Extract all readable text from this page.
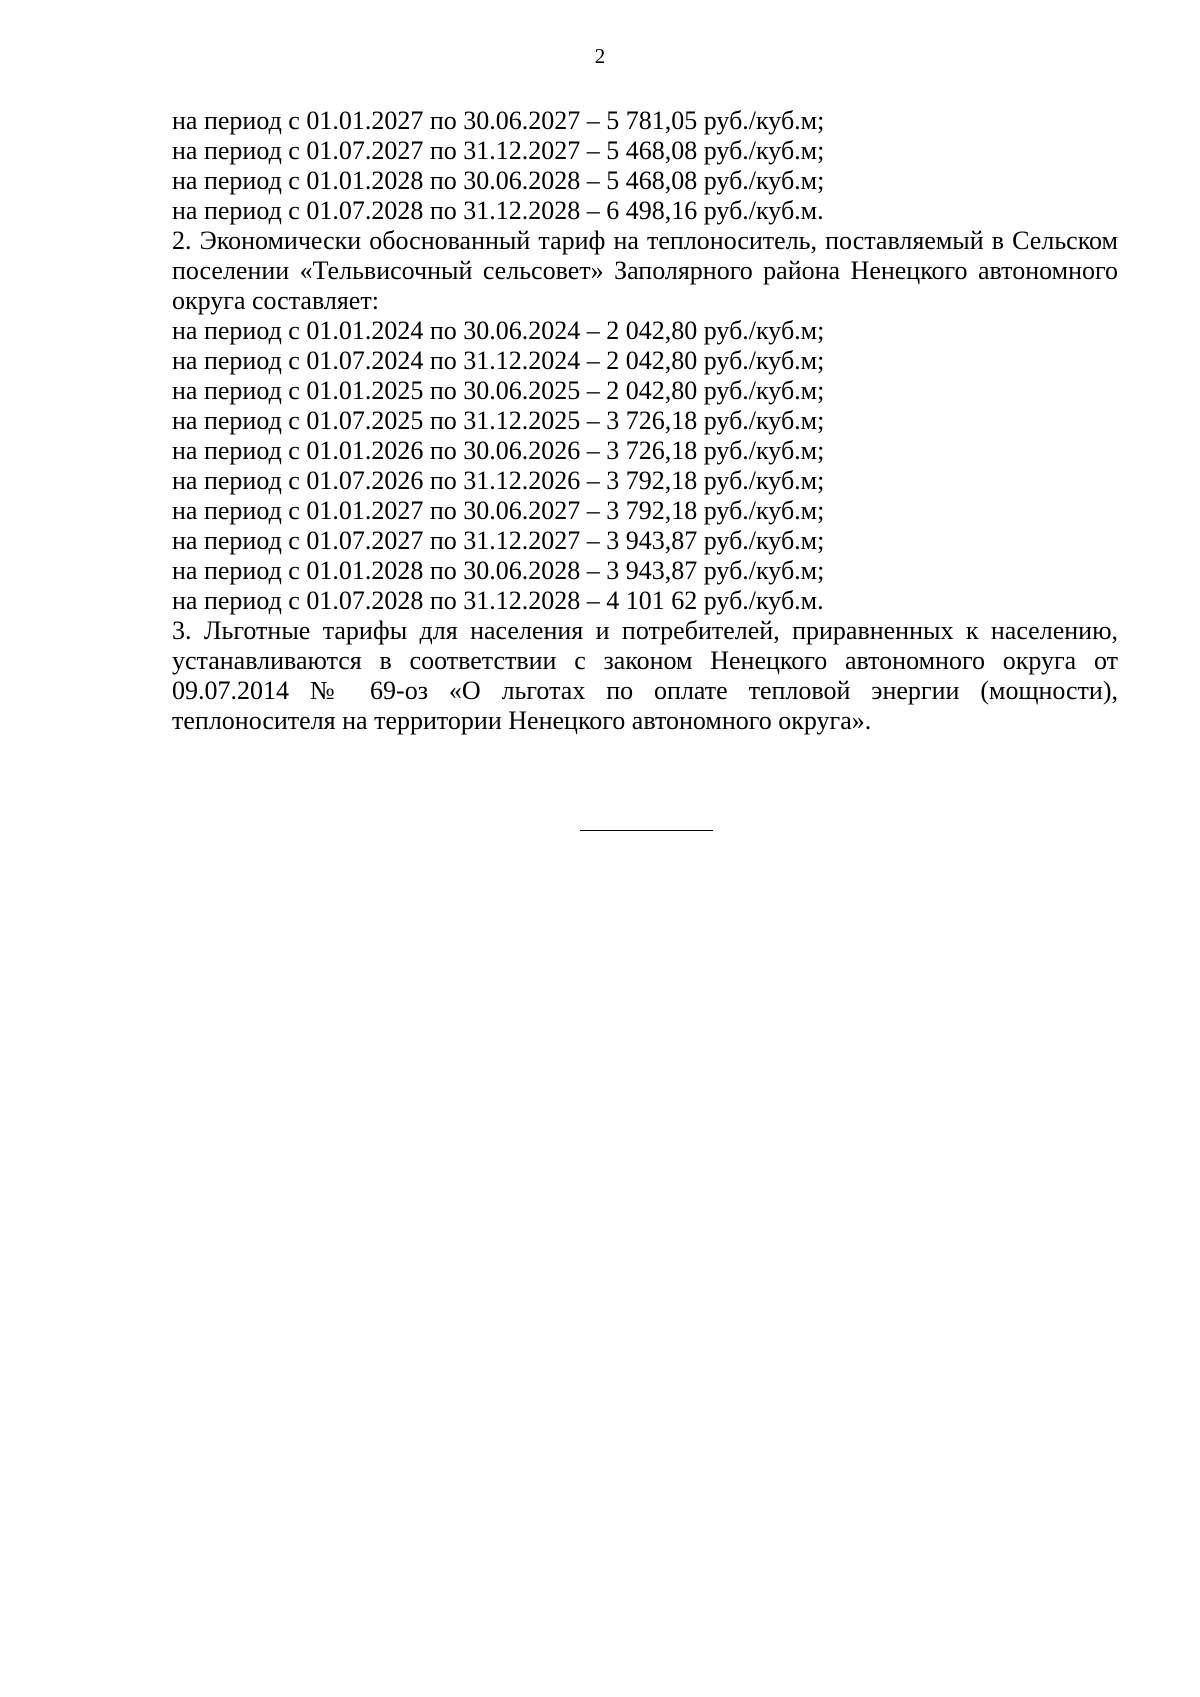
2
на период с 01.01.2027 по 30.06.2027 – 5 781,05 руб./куб.м;
на период с 01.07.2027 по 31.12.2027 – 5 468,08 руб./куб.м;
на период с 01.01.2028 по 30.06.2028 – 5 468,08 руб./куб.м;
на период с 01.07.2028 по 31.12.2028 – 6 498,16 руб./куб.м.
2. Экономически обоснованный тариф на теплоноситель, поставляемый в Сельском поселении «Тельвисочный сельсовет» Заполярного района Ненецкого автономного округа составляет:
на период с 01.01.2024 по 30.06.2024 – 2 042,80 руб./куб.м;
на период с 01.07.2024 по 31.12.2024 – 2 042,80 руб./куб.м;
на период с 01.01.2025 по 30.06.2025 – 2 042,80 руб./куб.м;
на период с 01.07.2025 по 31.12.2025 – 3 726,18 руб./куб.м;
на период с 01.01.2026 по 30.06.2026 – 3 726,18 руб./куб.м;
на период с 01.07.2026 по 31.12.2026 – 3 792,18 руб./куб.м;
на период с 01.01.2027 по 30.06.2027 – 3 792,18 руб./куб.м;
на период с 01.07.2027 по 31.12.2027 – 3 943,87 руб./куб.м;
на период с 01.01.2028 по 30.06.2028 – 3 943,87 руб./куб.м;
на период с 01.07.2028 по 31.12.2028 – 4 101 62 руб./куб.м.
3. Льготные тарифы для населения и потребителей, приравненных к населению, устанавливаются в соответствии с законом Ненецкого автономного округа от 09.07.2014 № 69-оз «О льготах по оплате тепловой энергии (мощности), теплоносителя на территории Ненецкого автономного округа».
